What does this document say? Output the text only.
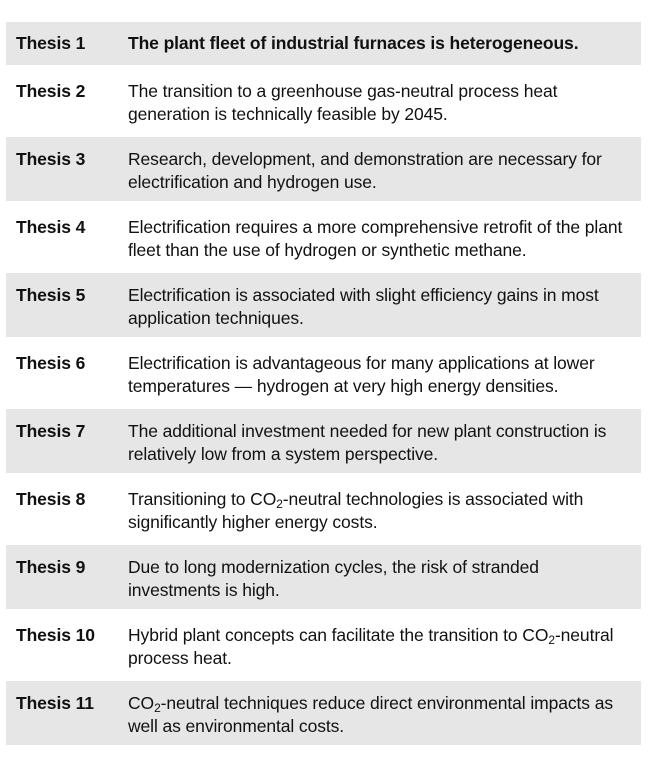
Thesis 1	The plant fleet of industrial furnaces is heterogeneous.
Thesis 2	The transition to a greenhouse gas-neutral process heat generation is technically feasible by 2045.
Thesis 3	Research, development, and demonstration are necessary for electrification and hydrogen use.
Thesis 4	Electrification requires a more comprehensive retrofit of the plant fleet than the use of hydrogen or synthetic methane.
Thesis 5	Electrification is associated with slight efficiency gains in most application techniques.
Thesis 6	Electrification is advantageous for many applications at lower temperatures — hydrogen at very high energy densities.
Thesis 7	The additional investment needed for new plant construction is relatively low from a system perspective.
Thesis 8	Transitioning to $CO_2$-neutral technologies is associated with significantly higher energy costs.
Thesis 9	Due to long modernization cycles, the risk of stranded investments is high.
Thesis 10	Hybrid plant concepts can facilitate the transition to $CO_2$-neutral process heat.
Thesis 11	$CO_2$-neutral techniques reduce direct environmental impacts as well as environmental costs.
